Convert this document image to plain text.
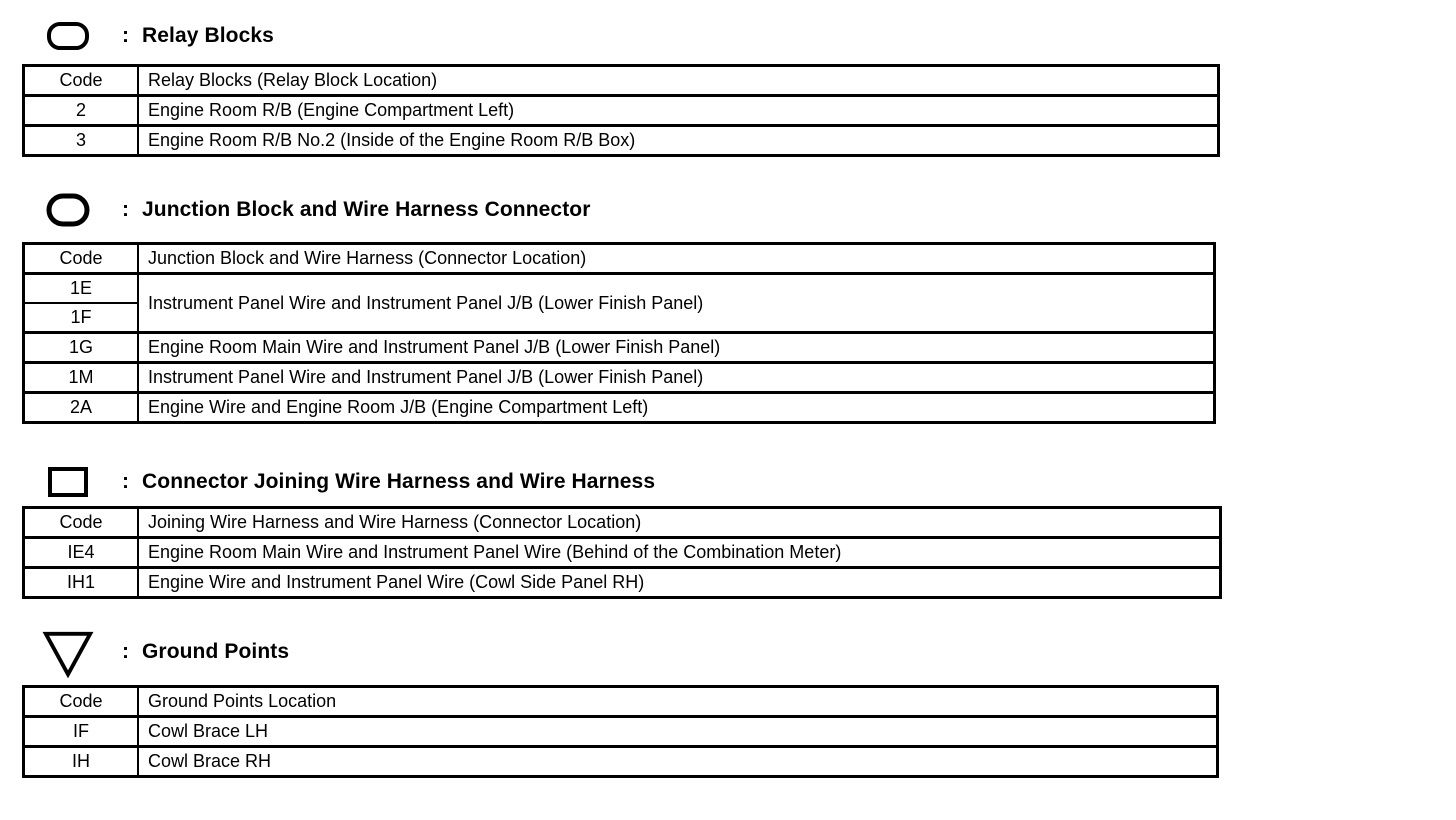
: Relay Blocks
Code	Relay Blocks (Relay Block Location)
2	Engine Room R/B (Engine Compartment Left)
3	Engine Room R/B No.2 (Inside of the Engine Room R/B Box)
: Junction Block and Wire Harness Connector
Code	Junction Block and Wire Harness (Connector Location)
1E	Instrument Panel Wire and Instrument Panel J/B (Lower Finish Panel)
1F	
1G	Engine Room Main Wire and Instrument Panel J/B (Lower Finish Panel)
1M	Instrument Panel Wire and Instrument Panel J/B (Lower Finish Panel)
2A	Engine Wire and Engine Room J/B (Engine Compartment Left)
: Connector Joining Wire Harness and Wire Harness
Code	Joining Wire Harness and Wire Harness (Connector Location)
IE4	Engine Room Main Wire and Instrument Panel Wire (Behind of the Combination Meter)
IH1	Engine Wire and Instrument Panel Wire (Cowl Side Panel RH)
: Ground Points
Code	Ground Points Location
IF	Cowl Brace LH
IH	Cowl Brace RH
